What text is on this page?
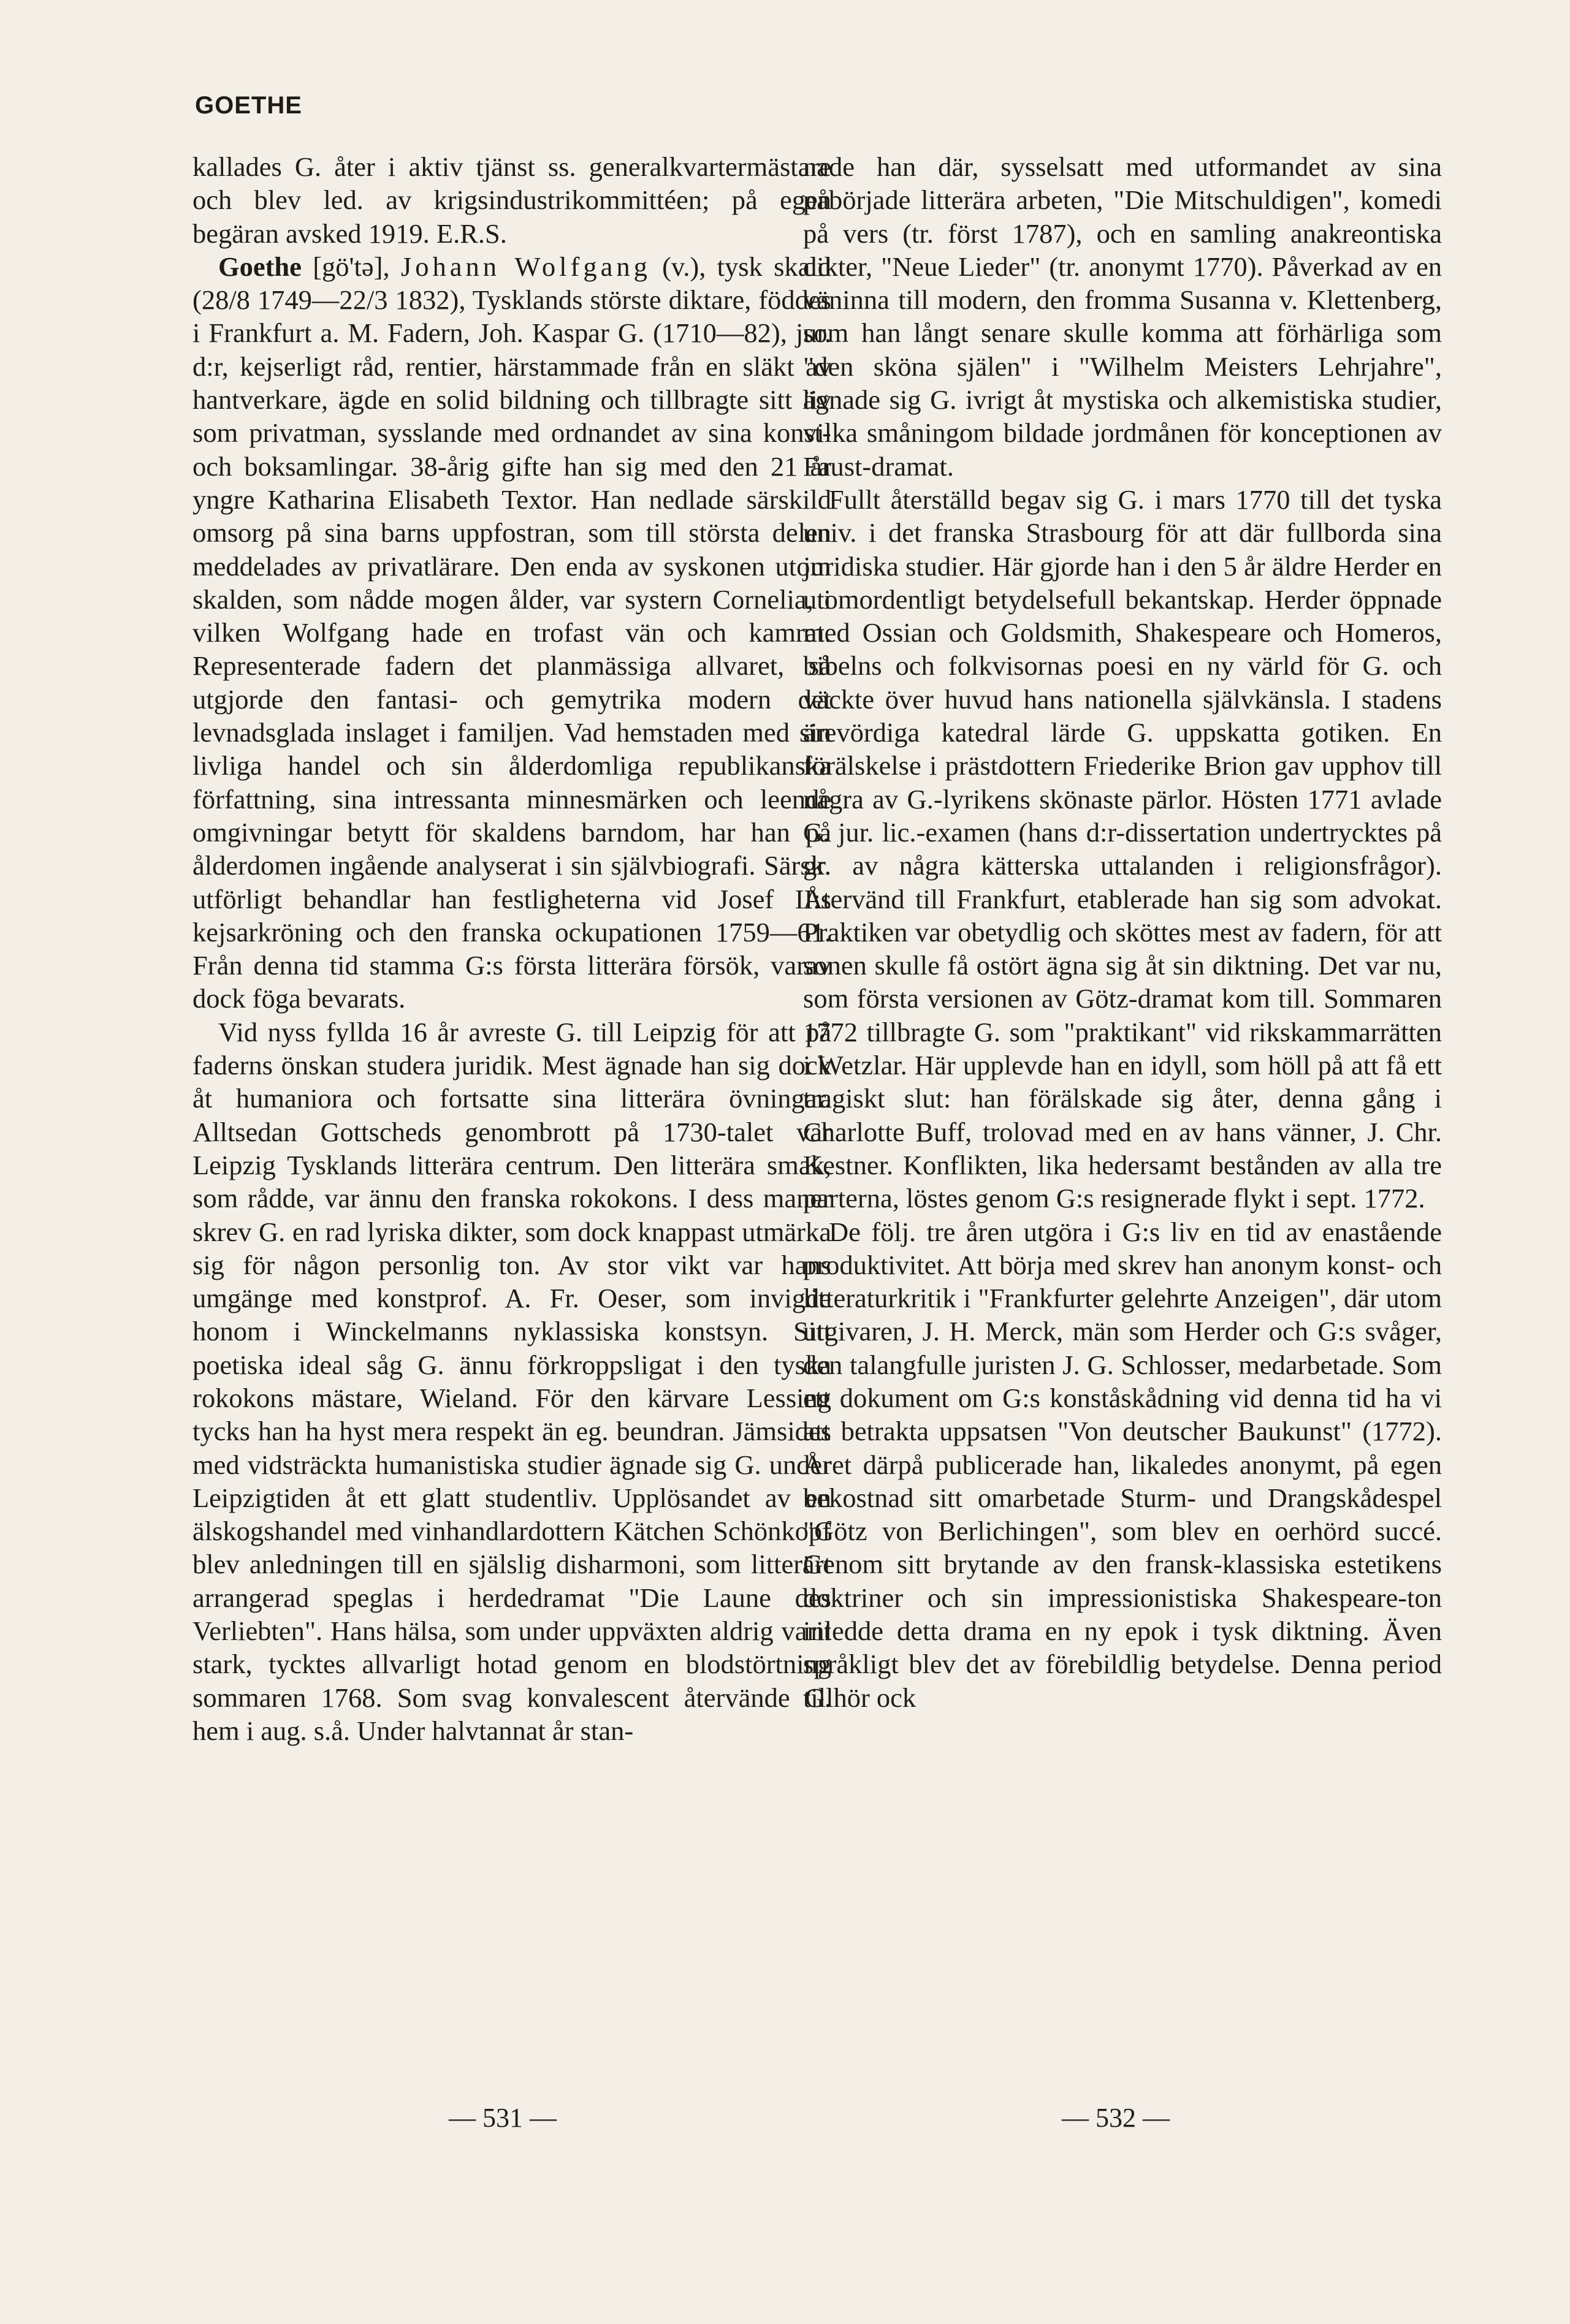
GOETHE

kallades G. åter i aktiv tjänst ss. generalkvartermästare och blev led. av krigsindustrikommittéen; på egen begäran avsked 1919. E.R.S.

Goethe [gö'tə], Johann Wolfgang (v.), tysk skald (28/8 1749—22/3 1832), Tysklands störste diktare, föddes i Frankfurt a. M. Fadern, Joh. Kaspar G. (1710—82), jur. d:r, kejserligt råd, rentier, härstammade från en släkt av hantverkare, ägde en solid bildning och tillbragte sitt liv som privatman, sysslande med ordnandet av sina konst- och boksamlingar. 38-årig gifte han sig med den 21 år yngre Katharina Elisabeth Textor. Han nedlade särskild omsorg på sina barns uppfostran, som till största delen meddelades av privatlärare. Den enda av syskonen utom skalden, som nådde mogen ålder, var systern Cornelia, i vilken Wolfgang hade en trofast vän och kamrat. Representerade fadern det planmässiga allvaret, så utgjorde den fantasi- och gemytrika modern det levnadsglada inslaget i familjen. Vad hemstaden med sin livliga handel och sin ålderdomliga republikanska författning, sina intressanta minnesmärken och leende omgivningar betytt för skaldens barndom, har han på ålderdomen ingående analyserat i sin självbiografi. Särsk. utförligt behandlar han festligheterna vid Josef II:s kejsarkröning och den franska ockupationen 1759—61. Från denna tid stamma G:s första litterära försök, varav dock föga bevarats.

Vid nyss fyllda 16 år avreste G. till Leipzig för att på faderns önskan studera juridik. Mest ägnade han sig dock åt humaniora och fortsatte sina litterära övningar. Alltsedan Gottscheds genombrott på 1730-talet var Leipzig Tysklands litterära centrum. Den litterära smak, som rådde, var ännu den franska rokokons. I dess maner skrev G. en rad lyriska dikter, som dock knappast utmärka sig för någon personlig ton. Av stor vikt var hans umgänge med konstprof. A. Fr. Oeser, som invigde honom i Winckelmanns nyklassiska konstsyn. Sitt poetiska ideal såg G. ännu förkroppsligat i den tyska rokokons mästare, Wieland. För den kärvare Lessing tycks han ha hyst mera respekt än eg. beundran. Jämsides med vidsträckta humanistiska studier ägnade sig G. under Leipzigtiden åt ett glatt studentliv. Upplösandet av en älskogshandel med vinhandlardottern Kätchen Schönkopf blev anledningen till en själslig disharmoni, som litterärt arrangerad speglas i herdedramat "Die Laune des Verliebten". Hans hälsa, som under uppväxten aldrig varit stark, tycktes allvarligt hotad genom en blodstörtning sommaren 1768. Som svag konvalescent återvände G. hem i aug. s.å. Under halvtannat år stan-

nade han där, sysselsatt med utformandet av sina påbörjade litterära arbeten, "Die Mitschuldigen", komedi på vers (tr. först 1787), och en samling anakreontiska dikter, "Neue Lieder" (tr. anonymt 1770). Påverkad av en väninna till modern, den fromma Susanna v. Klettenberg, som han långt senare skulle komma att förhärliga som "den sköna själen" i "Wilhelm Meisters Lehrjahre", ägnade sig G. ivrigt åt mystiska och alkemistiska studier, vilka småningom bildade jordmånen för konceptionen av Faust-dramat.

Fullt återställd begav sig G. i mars 1770 till det tyska univ. i det franska Strasbourg för att där fullborda sina juridiska studier. Här gjorde han i den 5 år äldre Herder en utomordentligt betydelsefull bekantskap. Herder öppnade med Ossian och Goldsmith, Shakespeare och Homeros, bibelns och folkvisornas poesi en ny värld för G. och väckte över huvud hans nationella självkänsla. I stadens ärevördiga katedral lärde G. uppskatta gotiken. En förälskelse i prästdottern Friederike Brion gav upphov till några av G.-lyrikens skönaste pärlor. Hösten 1771 avlade G. jur. lic.-examen (hans d:r-dissertation undertrycktes på gr. av några kätterska uttalanden i religionsfrågor). Återvänd till Frankfurt, etablerade han sig som advokat. Praktiken var obetydlig och sköttes mest av fadern, för att sonen skulle få ostört ägna sig åt sin diktning. Det var nu, som första versionen av Götz-dramat kom till. Sommaren 1772 tillbragte G. som "praktikant" vid rikskammarrätten i Wetzlar. Här upplevde han en idyll, som höll på att få ett tragiskt slut: han förälskade sig åter, denna gång i Charlotte Buff, trolovad med en av hans vänner, J. Chr. Kestner. Konflikten, lika hedersamt bestånden av alla tre parterna, löstes genom G:s resignerade flykt i sept. 1772.

De följ. tre åren utgöra i G:s liv en tid av enastående produktivitet. Att börja med skrev han anonym konst- och litteraturkritik i "Frankfurter gelehrte Anzeigen", där utom utgivaren, J. H. Merck, män som Herder och G:s svåger, den talangfulle juristen J. G. Schlosser, medarbetade. Som ett dokument om G:s konståskådning vid denna tid ha vi att betrakta uppsatsen "Von deutscher Baukunst" (1772). Året därpå publicerade han, likaledes anonymt, på egen bekostnad sitt omarbetade Sturm- und Drangskådespel "Götz von Berlichingen", som blev en oerhörd succé. Genom sitt brytande av den fransk-klassiska estetikens doktriner och sin impressionistiska Shakespeare-ton inledde detta drama en ny epok i tysk diktning. Även språkligt blev det av förebildlig betydelse. Denna period tillhör ock

— 531 —	— 532 —
